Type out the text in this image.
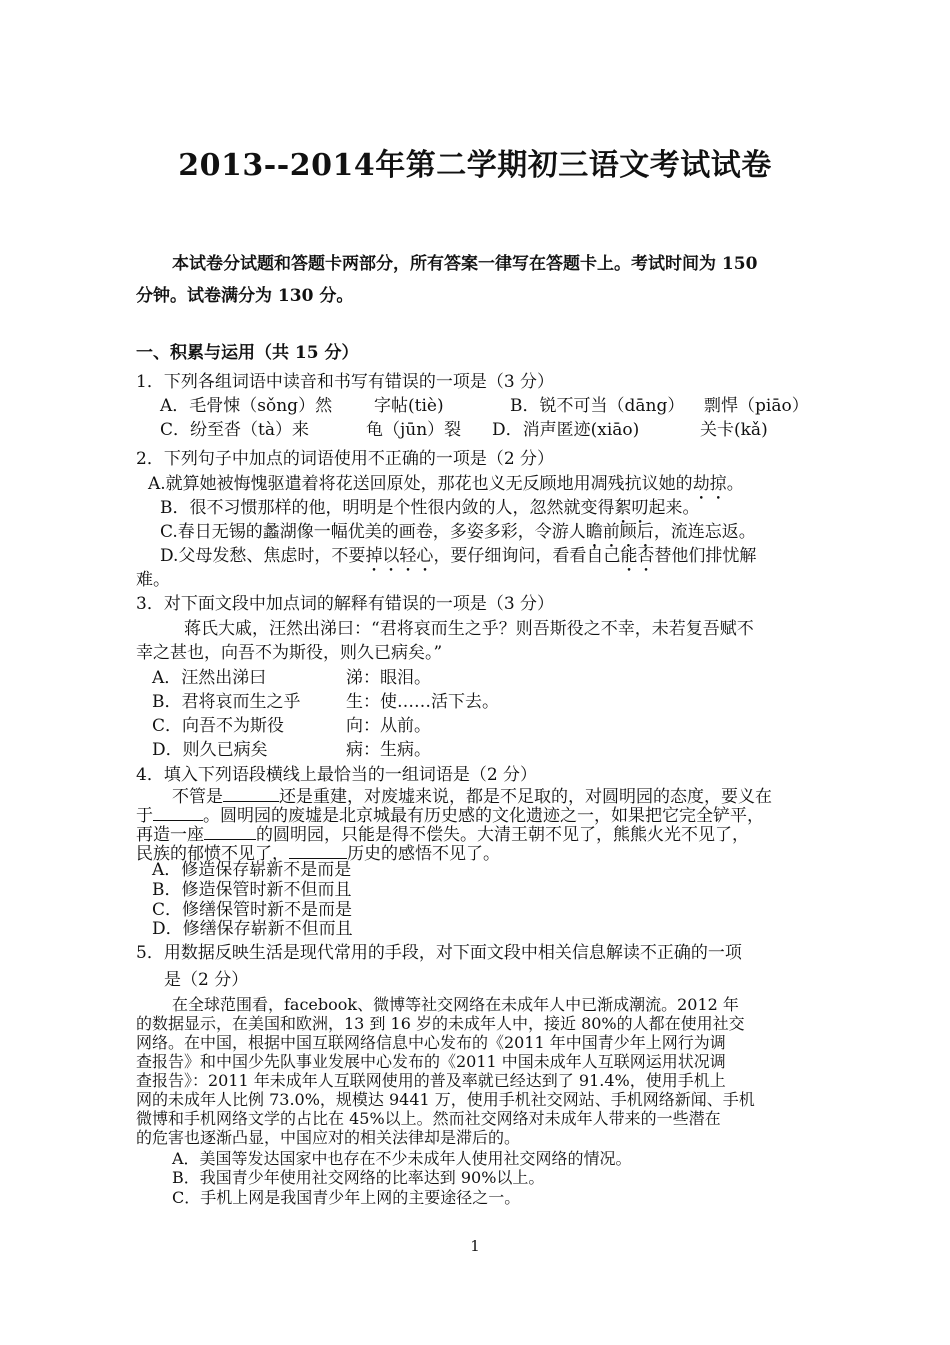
2013--2014年第二学期初三语文考试试卷
本试卷分试题和答题卡两部分，所有答案一律写在答题卡上。考试时间为 150
分钟。试卷满分为 130 分。
一、积累与运用（共 15 分）
1．下列各组词语中读音和书写有错误的一项是（3 分）
A．毛骨悚（sǒng）然 字帖(tiè)	B．锐不可当（dāng） 剽悍（piāo）
C．纷至沓（tà）来	龟（jūn）裂 D．消声匿迹(xiāo)	关卡(kǎ)
2．下列句子中加点的词语使用不正确的一项是（2 分）
A.就算她被悔愧驱遣着将花送回原处，那花也义无反顾地用凋残抗议她的劫掠。
B．很不习惯那样的他，明明是个性很内敛的人，忽然就变得絮叨起来。
C.春日无锡的蠡湖像一幅优美的画卷，多姿多彩，令游人瞻前顾后，流连忘返。
D.父母发愁、焦虑时，不要掉以轻心，要仔细询问，看看自己能否替他们排忧解
难。
3．对下面文段中加点词的解释有错误的一项是（3 分）
蒋氏大戚，汪然出涕曰：“君将哀而生之乎？则吾斯役之不幸，未若复吾赋不
幸之甚也，向吾不为斯役，则久已病矣。”
A．汪然出涕曰	涕：眼泪。
B．君将哀而生之乎	生：使……活下去。
C．向吾不为斯役	向：从前。
D．则久已病矣	病：生病。
4．填入下列语段横线上最恰当的一组词语是（2 分）
不管是	还是重建，对废墟来说，都是不足取的，对圆明园的态度，要义在
于	。圆明园的废墟是北京城最有历史感的文化遗迹之一，如果把它完全铲平，
再造一座	的圆明园，只能是得不偿失。大清王朝不见了，熊熊火光不见了，
民族的郁愤不见了，	历史的感悟不见了。
A．修造保存崭新不是而是
B．修造保管时新不但而且
C．修缮保管时新不是而是
D．修缮保存崭新不但而且
5．用数据反映生活是现代常用的手段，对下面文段中相关信息解读不正确的一项
是（2 分）
在全球范围看，facebook、微博等社交网络在未成年人中已渐成潮流。2012 年
的数据显示，在美国和欧洲，13 到 16 岁的未成年人中，接近 80%的人都在使用社交
网络。在中国，根据中国互联网络信息中心发布的《2011 年中国青少年上网行为调
查报告》和中国少先队事业发展中心发布的《2011 中国未成年人互联网运用状况调
查报告》：2011 年未成年人互联网使用的普及率就已经达到了 91.4%，使用手机上
网的未成年人比例 73.0%，规模达 9441 万，使用手机社交网站、手机网络新闻、手机
微博和手机网络文学的占比在 45%以上。然而社交网络对未成年人带来的一些潜在
的危害也逐渐凸显，中国应对的相关法律却是滞后的。
A．美国等发达国家中也存在不少未成年人使用社交网络的情况。
B．我国青少年使用社交网络的比率达到 90%以上。
C．手机上网是我国青少年上网的主要途径之一。
1
